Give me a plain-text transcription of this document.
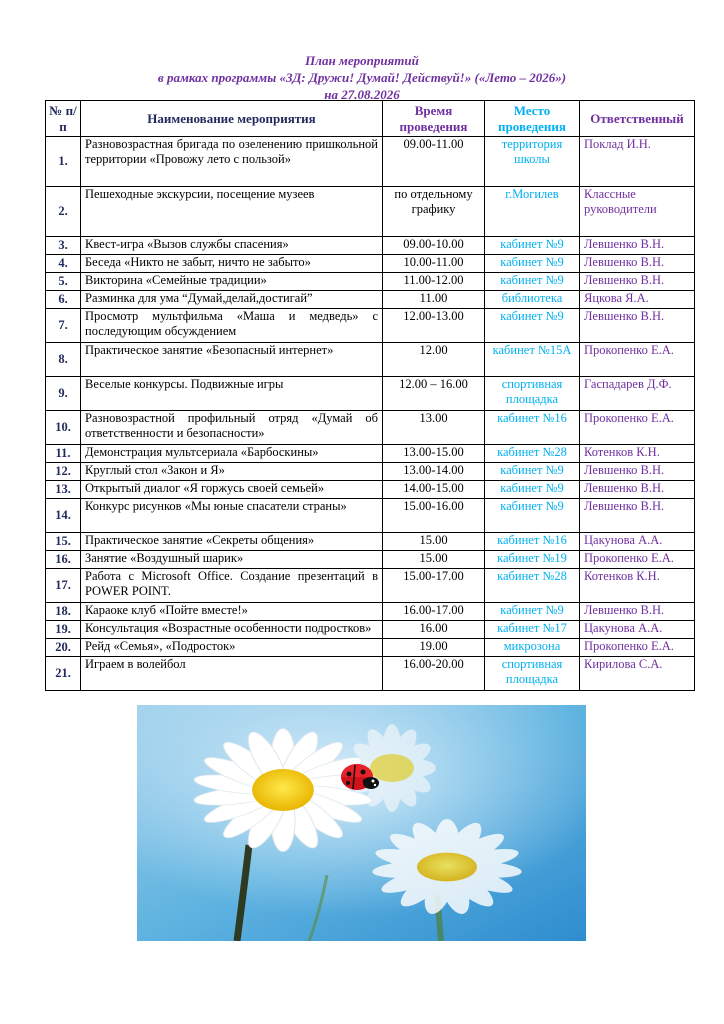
План мероприятий
в рамках программы «3Д: Дружи! Думай! Действуй!» («Лето – 2026»)
на 27.08.2026
№ п/п	Наименование мероприятия	Время проведения	Место проведения	Ответственный
1.	Разновозрастная бригада по озеленению пришкольной территории «Провожу лето с пользой»	09.00-11.00	территория школы	Поклад И.Н.
2.	Пешеходные экскурсии, посещение музеев	по отдельному графику	г.Могилев	Классные руководители
3.	Квест-игра «Вызов службы спасения»	09.00-10.00	кабинет №9	Левшенко В.Н.
4.	Беседа «Никто не забыт, ничто не забыто»	10.00-11.00	кабинет №9	Левшенко В.Н.
5.	Викторина «Семейные традиции»	11.00-12.00	кабинет №9	Левшенко В.Н.
6.	Разминка для ума “Думай,делай,достигай”	11.00	библиотека	Яцкова Я.А.
7.	Просмотр мультфильма «Маша и медведь» с последующим обсуждением	12.00-13.00	кабинет №9	Левшенко В.Н.
8.	Практическое занятие «Безопасный интернет»	12.00	кабинет №15А	Прокопенко Е.А.
9.	Веселые конкурсы. Подвижные игры	12.00 – 16.00	спортивная площадка	Гаспадарев Д.Ф.
10.	Разновозрастной профильный отряд «Думай об ответственности и безопасности»	13.00	кабинет №16	Прокопенко Е.А.
11.	Демонстрация мультсериала «Барбоскины»	13.00-15.00	кабинет №28	Котенков К.Н.
12.	Круглый стол «Закон и Я»	13.00-14.00	кабинет №9	Левшенко В.Н.
13.	Открытый диалог «Я горжусь своей семьей»	14.00-15.00	кабинет №9	Левшенко В.Н.
14.	Конкурс рисунков «Мы юные спасатели страны»	15.00-16.00	кабинет №9	Левшенко В.Н.
15.	Практическое занятие «Секреты общения»	15.00	кабинет №16	Цакунова А.А.
16.	Занятие «Воздушный шарик»	15.00	кабинет №19	Прокопенко Е.А.
17.	Работа с Microsoft Office. Создание презентаций в POWER POINT.	15.00-17.00	кабинет №28	Котенков К.Н.
18.	Караоке клуб «Пойте вместе!»	16.00-17.00	кабинет №9	Левшенко В.Н.
19.	Консультация «Возрастные особенности подростков»	16.00	кабинет №17	Цакунова А.А.
20.	Рейд «Семья», «Подросток»	19.00	микрозона	Прокопенко Е.А.
21.	Играем в волейбол	16.00-20.00	спортивная площадка	Кирилова С.А.
